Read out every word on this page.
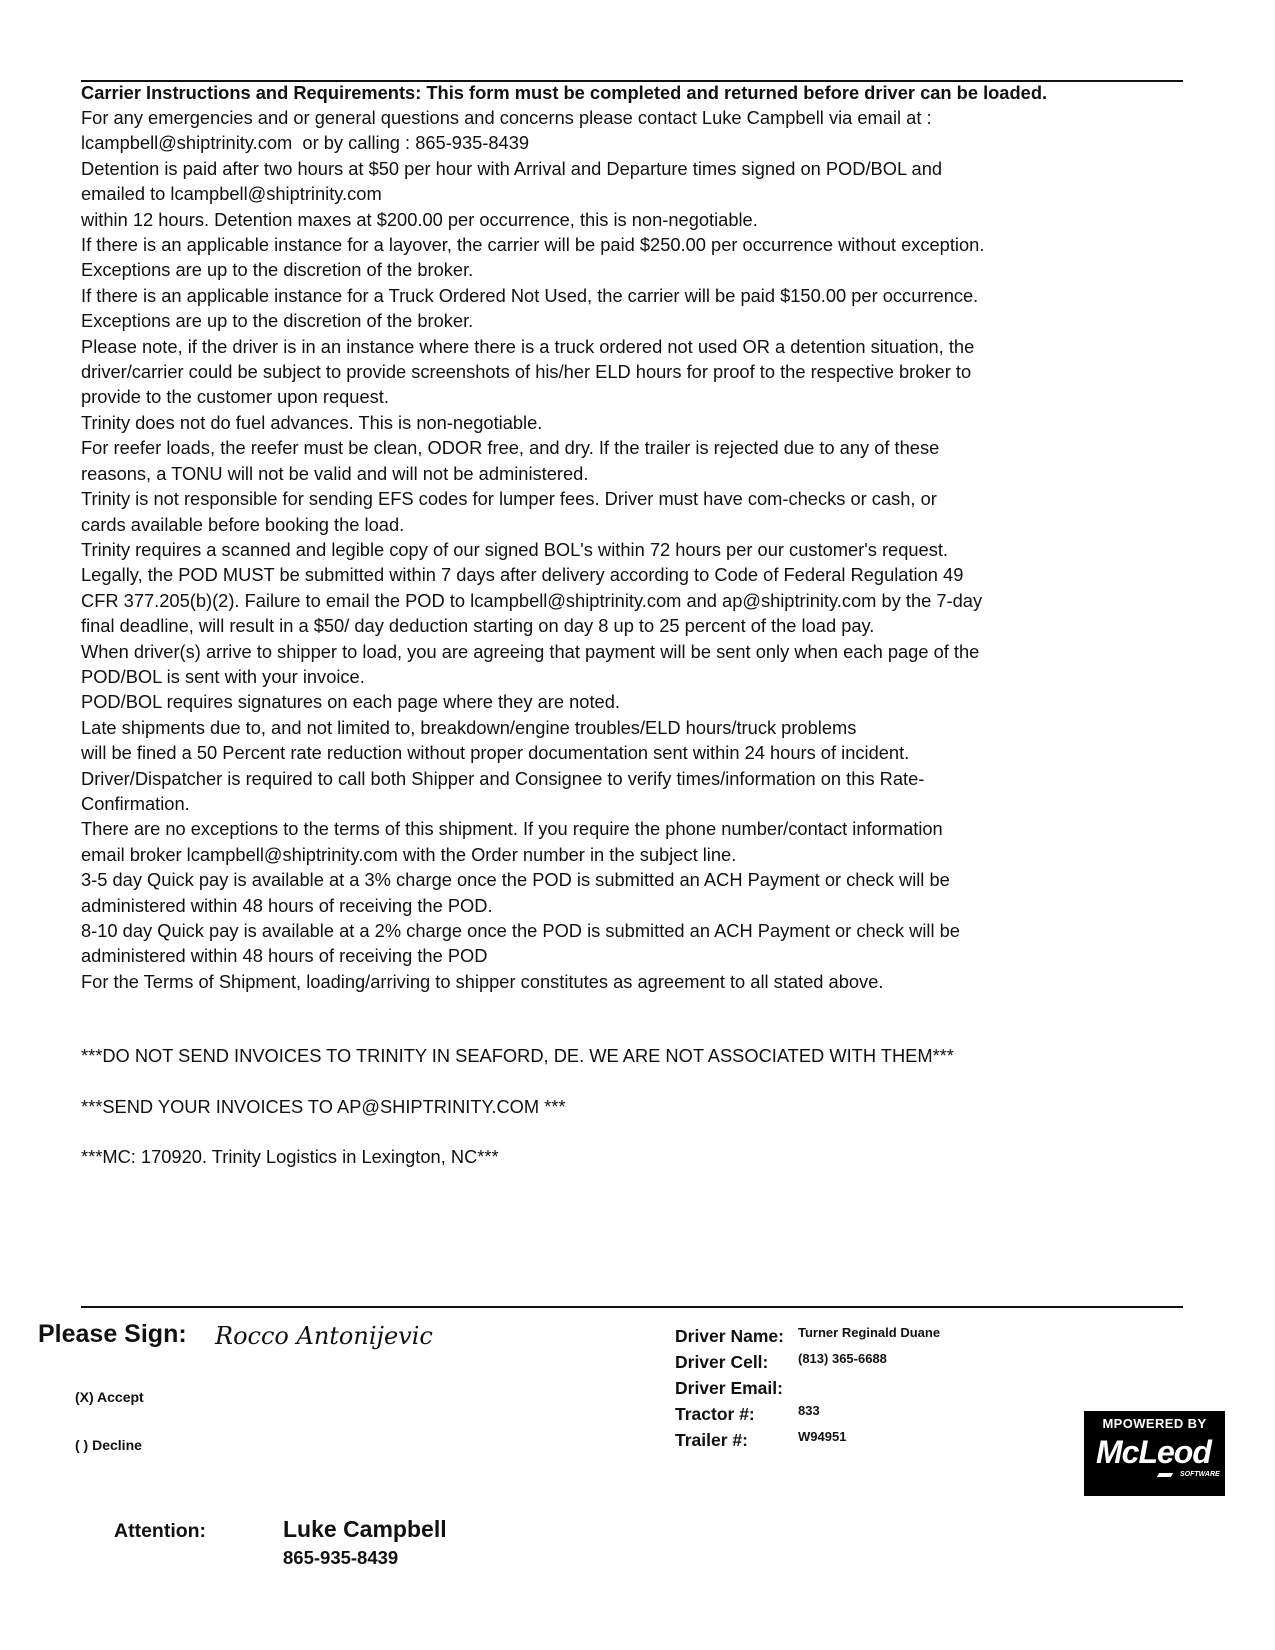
Carrier Instructions and Requirements: This form must be completed and returned before driver can be loaded.
For any emergencies and or general questions and concerns please contact Luke Campbell via email at :
lcampbell@shiptrinity.com  or by calling : 865-935-8439
Detention is paid after two hours at $50 per hour with Arrival and Departure times signed on POD/BOL and
emailed to lcampbell@shiptrinity.com
within 12 hours. Detention maxes at $200.00 per occurrence, this is non-negotiable.
If there is an applicable instance for a layover, the carrier will be paid $250.00 per occurrence without exception.
Exceptions are up to the discretion of the broker.
If there is an applicable instance for a Truck Ordered Not Used, the carrier will be paid $150.00 per occurrence.
Exceptions are up to the discretion of the broker.
Please note, if the driver is in an instance where there is a truck ordered not used OR a detention situation, the
driver/carrier could be subject to provide screenshots of his/her ELD hours for proof to the respective broker to
provide to the customer upon request.
Trinity does not do fuel advances. This is non-negotiable.
For reefer loads, the reefer must be clean, ODOR free, and dry. If the trailer is rejected due to any of these
reasons, a TONU will not be valid and will not be administered.
Trinity is not responsible for sending EFS codes for lumper fees. Driver must have com-checks or cash, or
cards available before booking the load.
Trinity requires a scanned and legible copy of our signed BOL's within 72 hours per our customer's request.
Legally, the POD MUST be submitted within 7 days after delivery according to Code of Federal Regulation 49
CFR 377.205(b)(2). Failure to email the POD to lcampbell@shiptrinity.com and ap@shiptrinity.com by the 7-day
final deadline, will result in a $50/ day deduction starting on day 8 up to 25 percent of the load pay.
When driver(s) arrive to shipper to load, you are agreeing that payment will be sent only when each page of the
POD/BOL is sent with your invoice.
POD/BOL requires signatures on each page where they are noted.
Late shipments due to, and not limited to, breakdown/engine troubles/ELD hours/truck problems
will be fined a 50 Percent rate reduction without proper documentation sent within 24 hours of incident.
Driver/Dispatcher is required to call both Shipper and Consignee to verify times/information on this Rate-
Confirmation.
There are no exceptions to the terms of this shipment. If you require the phone number/contact information
email broker lcampbell@shiptrinity.com with the Order number in the subject line.
3-5 day Quick pay is available at a 3% charge once the POD is submitted an ACH Payment or check will be
administered within 48 hours of receiving the POD.
8-10 day Quick pay is available at a 2% charge once the POD is submitted an ACH Payment or check will be
administered within 48 hours of receiving the POD
For the Terms of Shipment, loading/arriving to shipper constitutes as agreement to all stated above.
***DO NOT SEND INVOICES TO TRINITY IN SEAFORD, DE. WE ARE NOT ASSOCIATED WITH THEM***
***SEND YOUR INVOICES TO AP@SHIPTRINITY.COM ***
***MC: 170920. Trinity Logistics in Lexington, NC***
Please Sign: Rocco Antonijevic
(X) Accept
( ) Decline
Driver Name: Turner Reginald Duane
Driver Cell: (813) 365-6688
Driver Email:
Tractor #:	833
Trailer #:	W94951
MPOWERED BY
McLeod
SOFTWARE
Attention:	Luke Campbell
865-935-8439
